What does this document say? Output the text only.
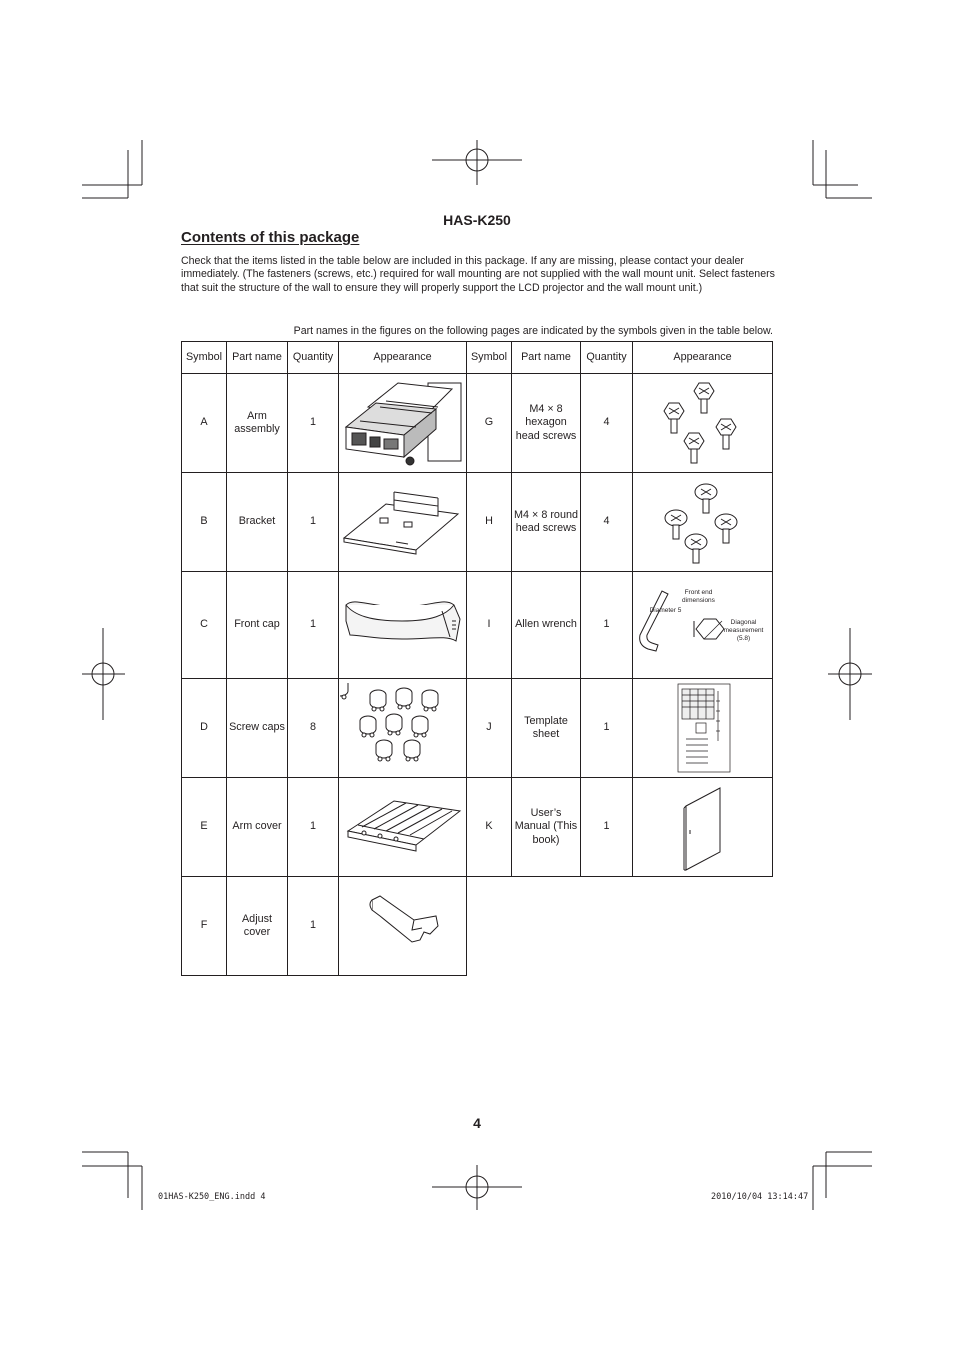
HAS-K250
Contents of this package
Check that the items listed in the table below are included in this package. If any are missing, please contact your dealer immediately. (The fasteners (screws, etc.) required for wall mounting are not supplied with the wall mount unit. Select fasteners that suit the structure of the wall to ensure they will properly support the LCD projector and the wall mount unit.)
Part names in the figures on the following pages are indicated by the symbols given in the table below.
Symbol	Part name	Quantity	Appearance	Symbol	Part name	Quantity	Appearance
A	Arm assembly	1		G	M4 × 8 hexagon head screws	4	

B	Bracket	1		H	M4 × 8 round head screws	4	

C	Front cap	1		I	Allen wrench	1	Front end dimensions
Diameter 5
Diagonal measurement (5.8)

D	Screw caps	8		J	Template sheet	1	

E	Arm cover	1		K	User’s Manual (This book)	1	

F	Adjust cover	1	

4
01HAS-K250_ENG.indd 4	2010/10/04 13:14:47
